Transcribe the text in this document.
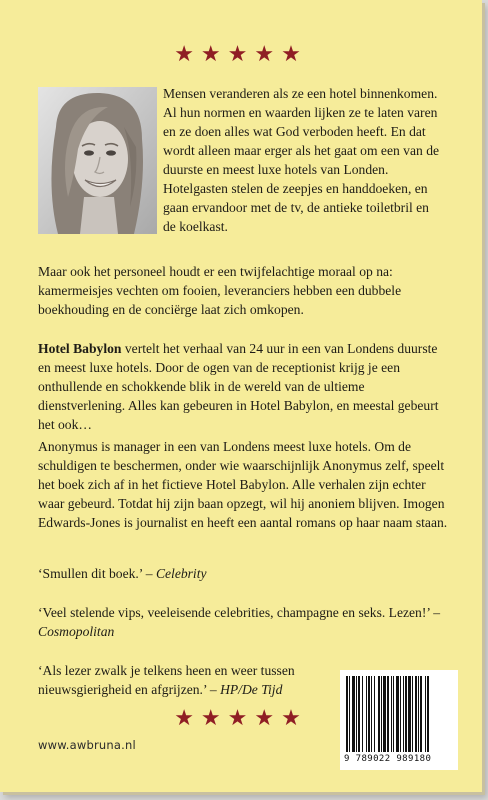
★★★★★

Mensen veranderen als ze een hotel binnenkomen. Al hun normen en waarden lijken ze te laten varen en ze doen alles wat God verboden heeft. En dat wordt alleen maar erger als het gaat om een van de duurste en meest luxe hotels van Londen. Hotelgasten stelen de zeepjes en handdoeken, en gaan ervandoor met de tv, de antieke toiletbril en de koelkast.

Maar ook het personeel houdt er een twijfelachtige moraal op na: kamermeisjes vechten om fooien, leveranciers hebben een dubbele boekhouding en de conciërge laat zich omkopen.

Hotel Babylon vertelt het verhaal van 24 uur in een van Londens duurste en meest luxe hotels. Door de ogen van de receptionist krijg je een onthullende en schokkende blik in de wereld van de ultieme dienstverlening. Alles kan gebeuren in Hotel Babylon, en meestal gebeurt het ook…

Anonymus is manager in een van Londens meest luxe hotels. Om de schuldigen te beschermen, onder wie waarschijnlijk Anonymus zelf, speelt het boek zich af in het fictieve Hotel Babylon. Alle verhalen zijn echter waar gebeurd. Totdat hij zijn baan opzegt, wil hij anoniem blijven. Imogen Edwards-Jones is journalist en heeft een aantal romans op haar naam staan.

‘Smullen dit boek.’ – Celebrity

‘Veel stelende vips, veeleisende celebrities, champagne en seks. Lezen!’ – Cosmopolitan

‘Als lezer zwalk je telkens heen en weer tussen nieuwsgierigheid en afgrijzen.’ – HP/De Tijd

★★★★★
www.awbruna.nl
9 789022 989180
